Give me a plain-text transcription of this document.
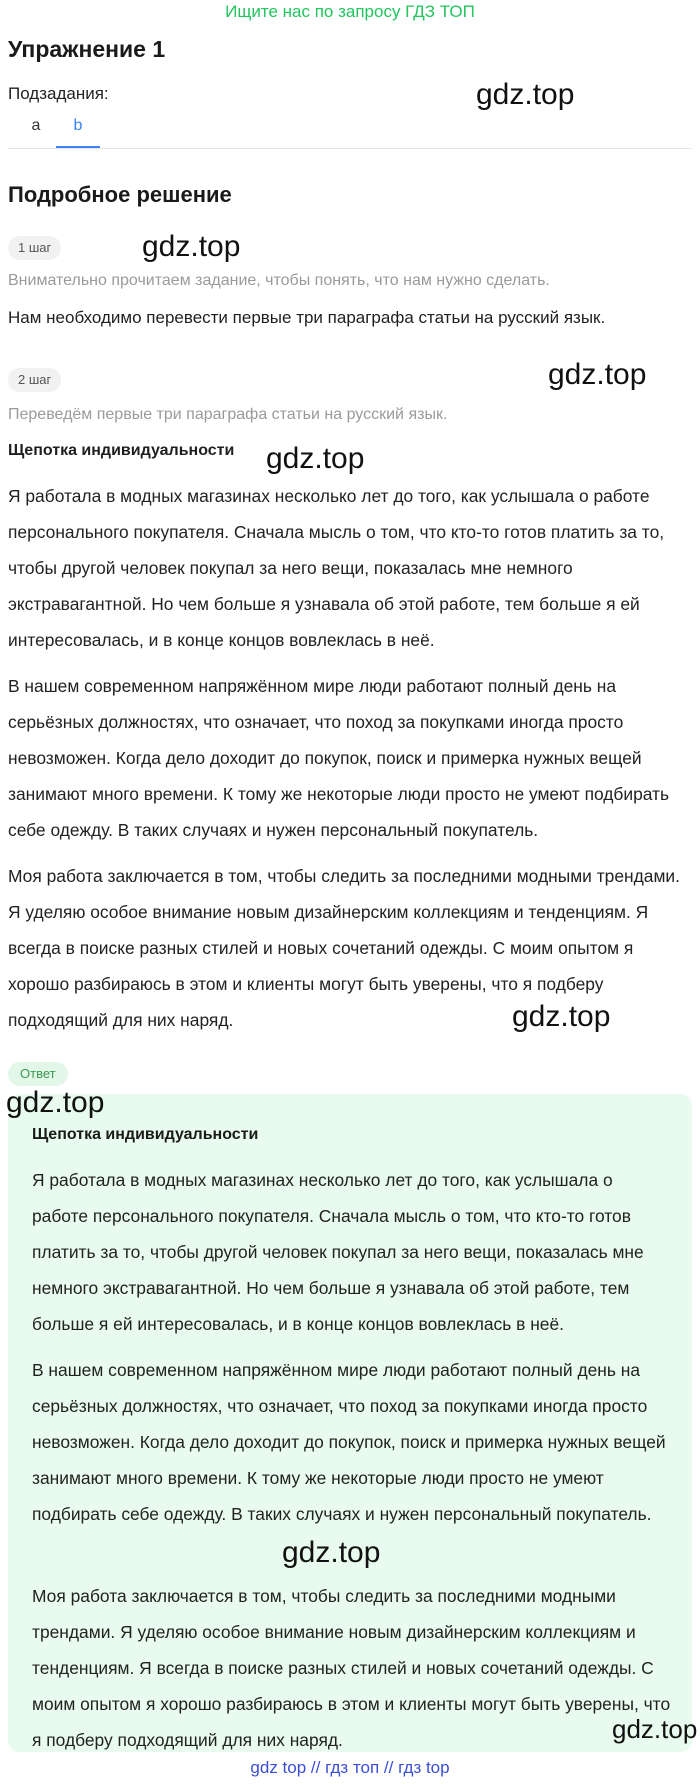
Ищите нас по запросу ГДЗ ТОП
Упражнение 1
Подзадания:
a	b
gdz.top
Подробное решение
1 шаг	gdz.top
Внимательно прочитаем задание, чтобы понять, что нам нужно сделать.
Нам необходимо перевести первые три параграфа статьи на русский язык.
2 шаг	gdz.top
Переведём первые три параграфа статьи на русский язык.
Щепотка индивидуальности gdz.top

Я работала в модных магазинах несколько лет до того, как услышала о работе персонального покупателя. Сначала мысль о том, что кто-то готов платить за то, чтобы другой человек покупал за него вещи, показалась мне немного экстравагантной. Но чем больше я узнавала об этой работе, тем больше я ей интересовалась, и в конце концов вовлеклась в неё.

В нашем современном напряжённом мире люди работают полный день на серьёзных должностях, что означает, что поход за покупками иногда просто невозможен. Когда дело доходит до покупок, поиск и примерка нужных вещей занимают много времени. К тому же некоторые люди просто не умеют подбирать себе одежду. В таких случаях и нужен персональный покупатель.

Моя работа заключается в том, чтобы следить за последними модными трендами. Я уделяю особое внимание новым дизайнерским коллекциям и тенденциям. Я всегда в поиске разных стилей и новых сочетаний одежды. С моим опытом я хорошо разбираюсь в этом и клиенты могут быть уверены, что я подберу подходящий для них наряд.	gdz.top
Ответ
gdz.top
Щепотка индивидуальности

Я работала в модных магазинах несколько лет до того, как услышала о работе персонального покупателя. Сначала мысль о том, что кто-то готов платить за то, чтобы другой человек покупал за него вещи, показалась мне немного экстравагантной. Но чем больше я узнавала об этой работе, тем больше я ей интересовалась, и в конце концов вовлеклась в неё.

В нашем современном напряжённом мире люди работают полный день на серьёзных должностях, что означает, что поход за покупками иногда просто невозможен. Когда дело доходит до покупок, поиск и примерка нужных вещей занимают много времени. К тому же некоторые люди просто не умеют подбирать себе одежду. В таких случаях и нужен персональный покупатель.

gdz.top

Моя работа заключается в том, чтобы следить за последними модными трендами. Я уделяю особое внимание новым дизайнерским коллекциям и тенденциям. Я всегда в поиске разных стилей и новых сочетаний одежды. С моим опытом я хорошо разбираюсь в этом и клиенты могут быть уверены, что я подберу подходящий для них наряд.	gdz.top
gdz top // гдз топ // гдз top
